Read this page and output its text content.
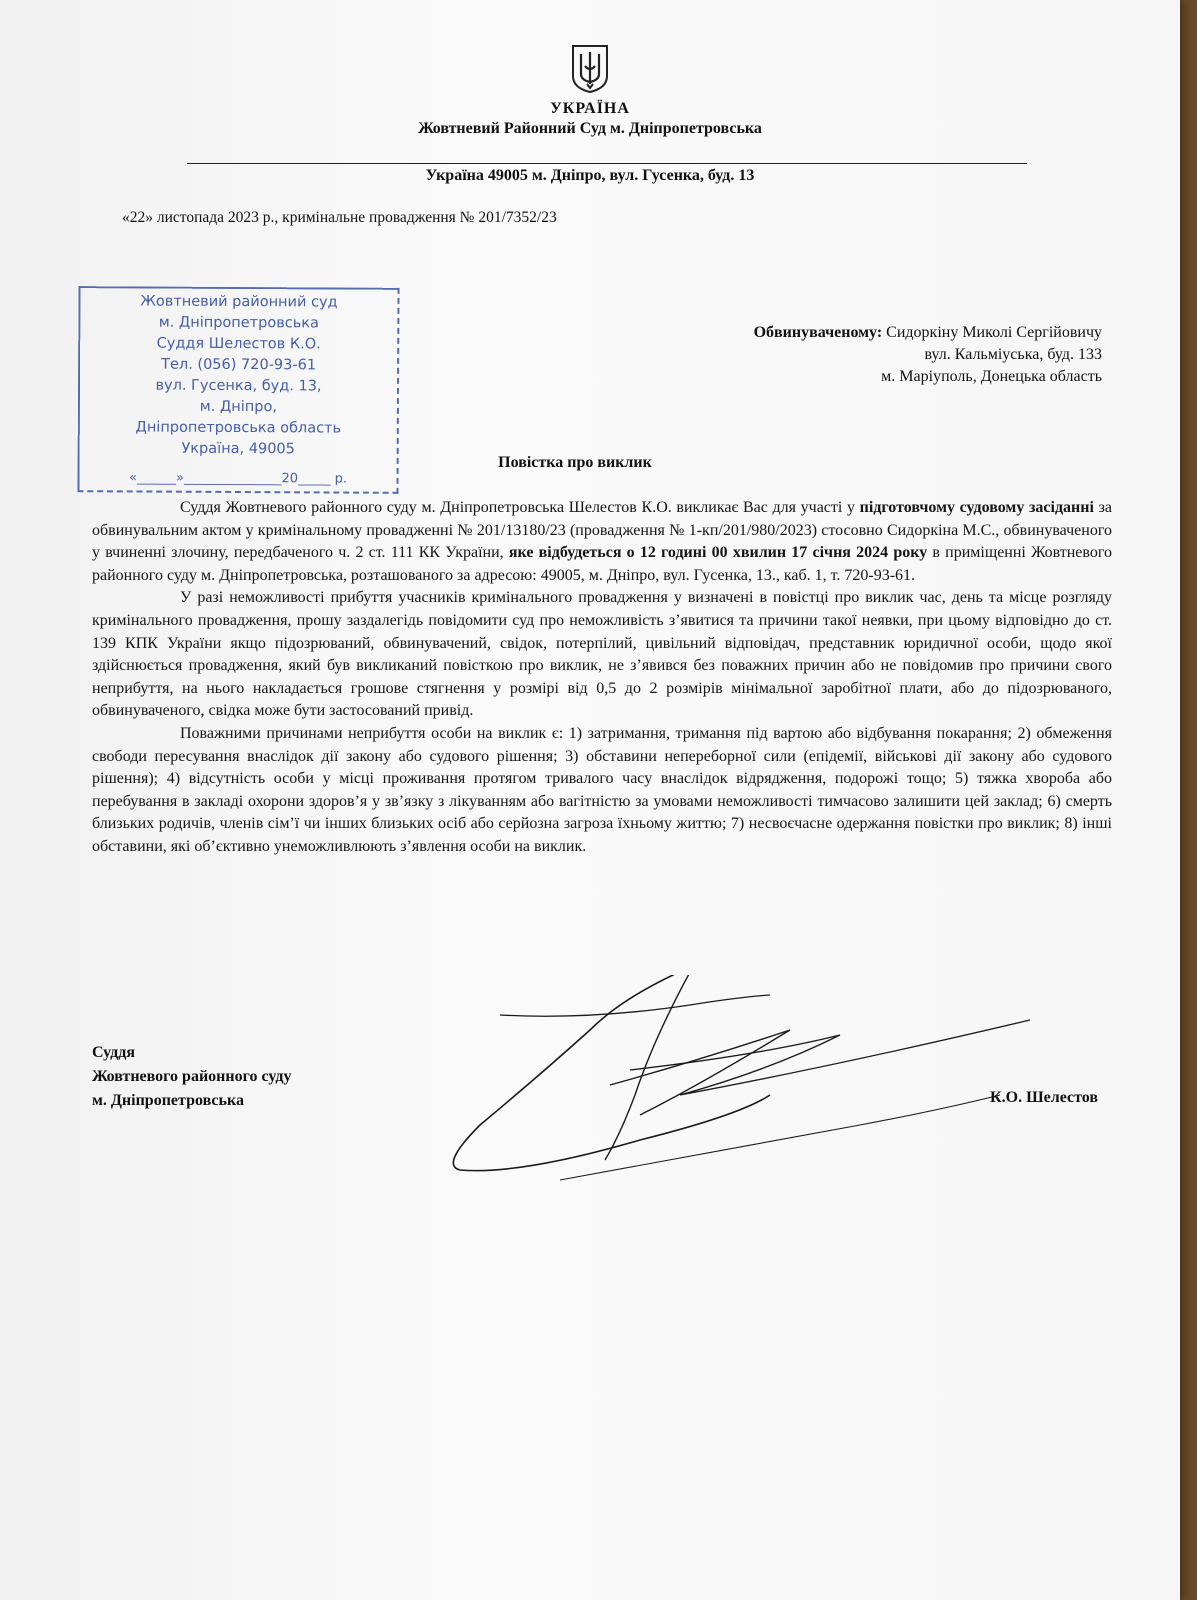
УКРАЇНА
Жовтневий Районний Суд м. Дніпропетровська
Україна 49005 м. Дніпро, вул. Гусенка, буд. 13
«22» листопада 2023 р., кримінальне провадження № 201/7352/23
Жовтневий районний суд
м. Дніпропетровська
Суддя Шелестов К.О.
Тел. (056) 720-93-61
вул. Гусенка, буд. 13,
м. Дніпро,
Дніпропетровська область
Україна, 49005
«______»_______________20_____ р.
Обвинуваченому: Сидоркіну Миколі Сергійовичу
вул. Кальміуська, буд. 133
м. Маріуполь, Донецька область
Повістка про виклик

Суддя Жовтневого районного суду м. Дніпропетровська Шелестов К.О. викликає Вас для участі у підготовчому судовому засіданні за обвинувальним актом у кримінальному провадженні № 201/13180/23 (провадження № 1-кп/201/980/2023) стосовно Сидоркіна М.С., обвинуваченого у вчиненні злочину, передбаченого ч. 2 ст. 111 КК України, яке відбудеться о 12 годині 00 хвилин 17 січня 2024 року в приміщенні Жовтневого районного суду м. Дніпропетровська, розташованого за адресою: 49005, м. Дніпро, вул. Гусенка, 13., каб. 1, т. 720-93-61.

У разі неможливості прибуття учасників кримінального провадження у визначені в повістці про виклик час, день та місце розгляду кримінального провадження, прошу заздалегідь повідомити суд про неможливість з’явитися та причини такої неявки, при цьому відповідно до ст. 139 КПК України якщо підозрюваний, обвинувачений, свідок, потерпілий, цивільний відповідач, представник юридичної особи, щодо якої здійснюється провадження, який був викликаний повісткою про виклик, не з’явився без поважних причин або не повідомив про причини свого неприбуття, на нього накладається грошове стягнення у розмірі від 0,5 до 2 розмірів мінімальної заробітної плати, або до підозрюваного, обвинуваченого, свідка може бути застосований привід.

Поважними причинами неприбуття особи на виклик є: 1) затримання, тримання під вартою або відбування покарання; 2) обмеження свободи пересування внаслідок дії закону або судового рішення; 3) обставини непереборної сили (епідемії, військові дії закону або судового рішення); 4) відсутність особи у місці проживання протягом тривалого часу внаслідок відрядження, подорожі тощо; 5) тяжка хвороба або перебування в закладі охорони здоров’я у зв’язку з лікуванням або вагітністю за умовами неможливості тимчасово залишити цей заклад; 6) смерть близьких родичів, членів сім’ї чи інших близьких осіб або серйозна загроза їхньому життю; 7) несвоєчасне одержання повістки про виклик; 8) інші обставини, які об’єктивно унеможливлюють з’явлення особи на виклик.

Суддя
Жовтневого районного суду
м. Дніпропетровська	К.О. Шелестов
